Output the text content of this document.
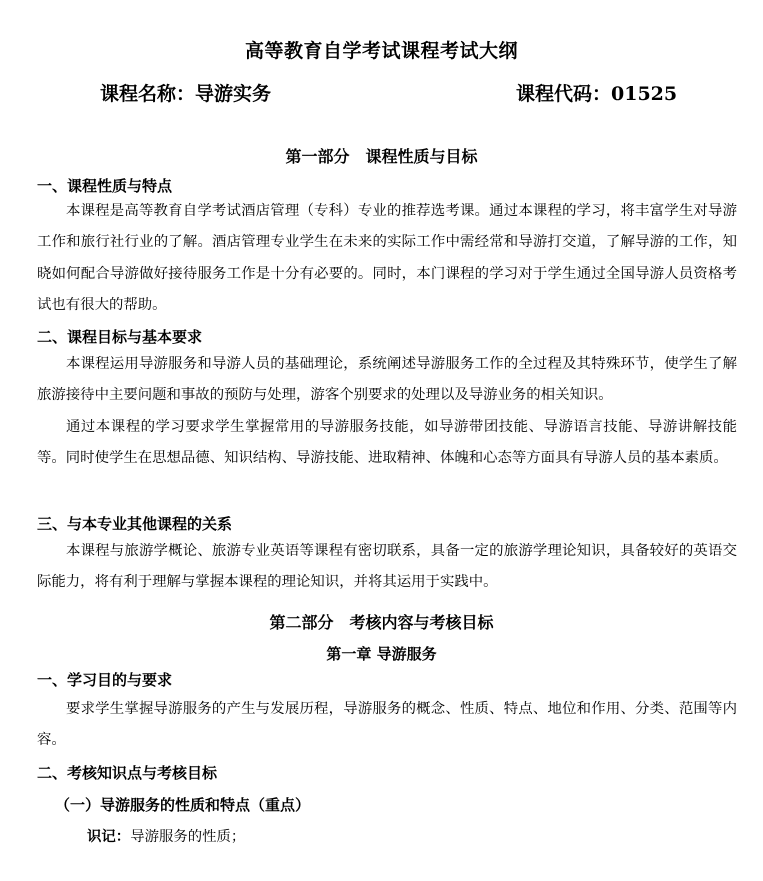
高等教育自学考试课程考试大纲
课程名称：导游实务	课程代码：01525
第一部分　课程性质与目标
一、课程性质与特点
本课程是高等教育自学考试酒店管理（专科）专业的推荐选考课。通过本课程的学习，将丰富学生对导游工作和旅行社行业的了解。酒店管理专业学生在未来的实际工作中需经常和导游打交道，了解导游的工作，知晓如何配合导游做好接待服务工作是十分有必要的。同时，本门课程的学习对于学生通过全国导游人员资格考试也有很大的帮助。
二、课程目标与基本要求
本课程运用导游服务和导游人员的基础理论，系统阐述导游服务工作的全过程及其特殊环节，使学生了解旅游接待中主要问题和事故的预防与处理，游客个别要求的处理以及导游业务的相关知识。
通过本课程的学习要求学生掌握常用的导游服务技能，如导游带团技能、导游语言技能、导游讲解技能等。同时使学生在思想品德、知识结构、导游技能、进取精神、体魄和心态等方面具有导游人员的基本素质。
三、与本专业其他课程的关系
本课程与旅游学概论、旅游专业英语等课程有密切联系，具备一定的旅游学理论知识，具备较好的英语交际能力，将有利于理解与掌握本课程的理论知识，并将其运用于实践中。
第二部分　考核内容与考核目标
第一章 导游服务
一、学习目的与要求
要求学生掌握导游服务的产生与发展历程，导游服务的概念、性质、特点、地位和作用、分类、范围等内容。
二、考核知识点与考核目标
（一）导游服务的性质和特点（重点）
识记：导游服务的性质；
